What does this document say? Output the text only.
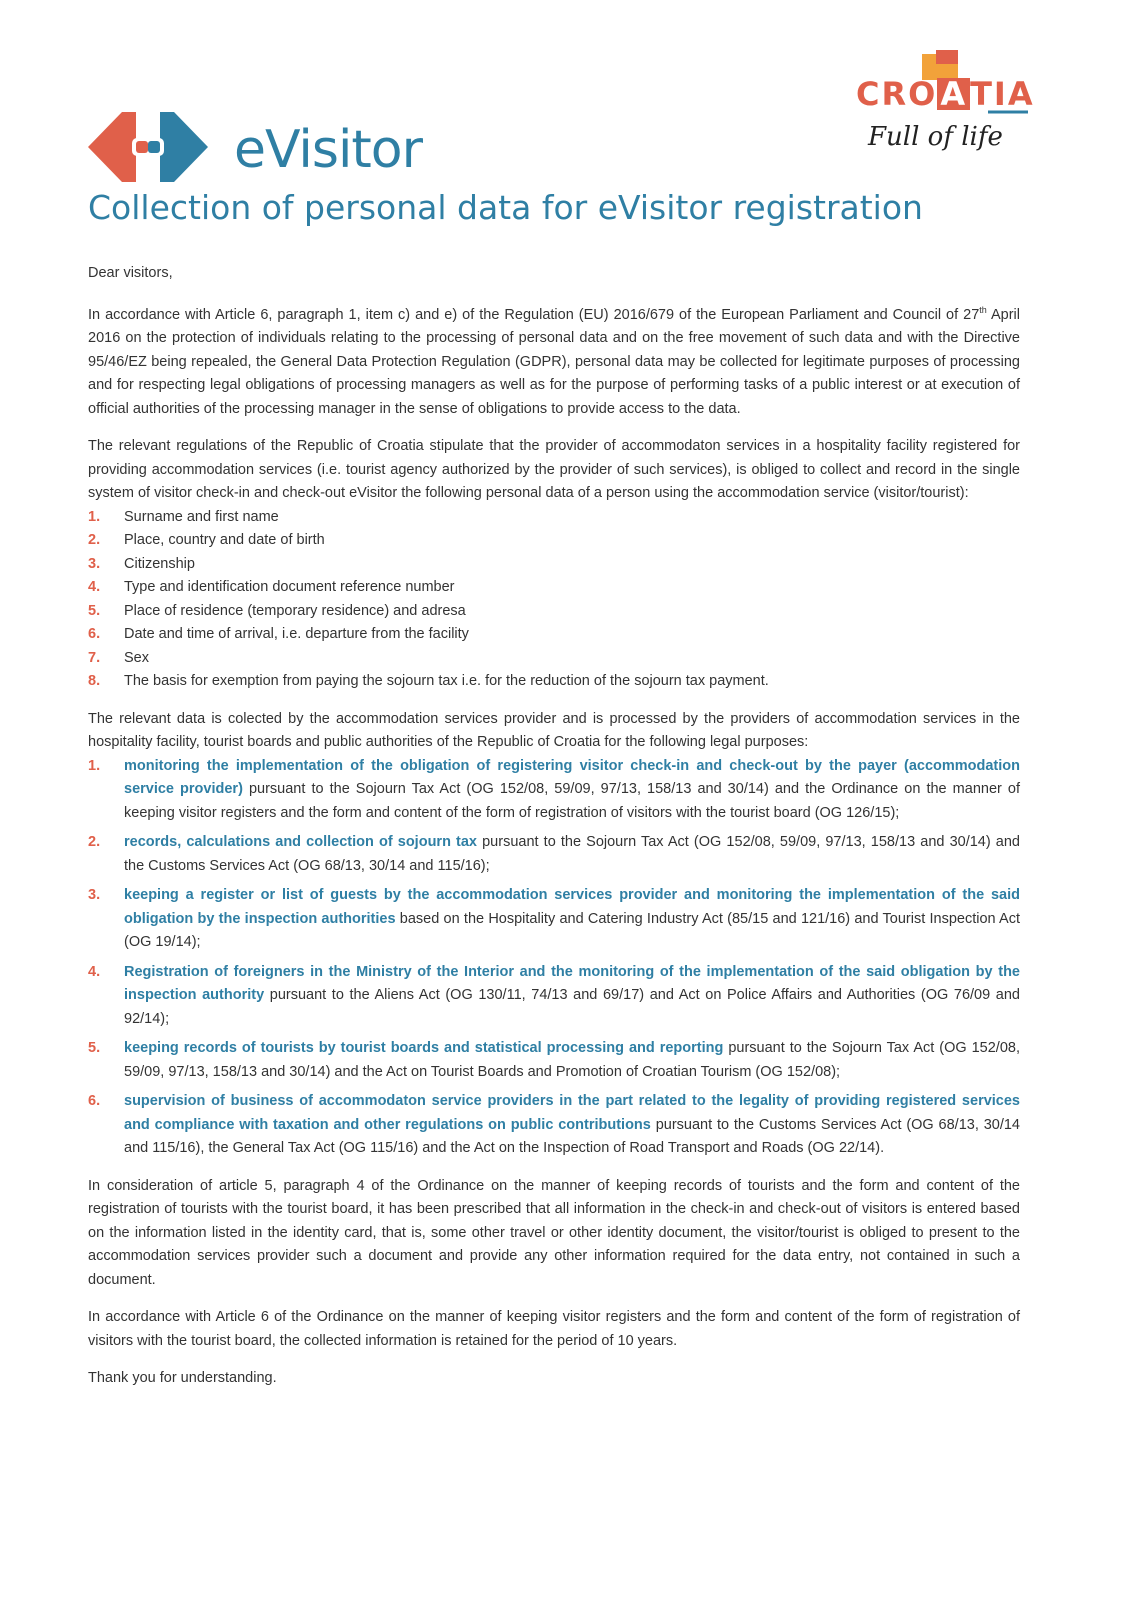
eVisitor
CROATIA
Full of life
Collection of personal data for eVisitor registration

Dear visitors,

In accordance with Article 6, paragraph 1, item c) and e) of the Regulation (EU) 2016/679 of the European Parliament and Council of 27th April 2016 on the protection of individuals relating to the processing of personal data and on the free movement of such data and with the Directive 95/46/EZ being repealed, the General Data Protection Regulation (GDPR), personal data may be collected for legitimate purposes of processing and for respecting legal obligations of processing managers as well as for the purpose of performing tasks of a public interest or at execution of official authorities of the processing manager in the sense of obligations to provide access to the data.

The relevant regulations of the Republic of Croatia stipulate that the provider of accommodaton services in a hospitality facility registered for providing accommodation services (i.e. tourist agency authorized by the provider of such services), is obliged to collect and record in the single system of visitor check-in and check-out eVisitor the following personal data of a person using the accommodation service (visitor/tourist):

1. Surname and first name
2. Place, country and date of birth
3. Citizenship
4. Type and identification document reference number
5. Place of residence (temporary residence) and adresa
6. Date and time of arrival, i.e. departure from the facility
7. Sex
8. The basis for exemption from paying the sojourn tax i.e. for the reduction of the sojourn tax payment.

The relevant data is colected by the accommodation services provider and is processed by the providers of accommodation services in the hospitality facility, tourist boards and public authorities of the Republic of Croatia for the following legal purposes:

1. monitoring the implementation of the obligation of registering visitor check-in and check-out by the payer (accommodation service provider) pursuant to the Sojourn Tax Act (OG 152/08, 59/09, 97/13, 158/13 and 30/14) and the Ordinance on the manner of keeping visitor registers and the form and content of the form of registration of visitors with the tourist board (OG 126/15);
2. records, calculations and collection of sojourn tax pursuant to the Sojourn Tax Act (OG 152/08, 59/09, 97/13, 158/13 and 30/14) and the Customs Services Act (OG 68/13, 30/14 and 115/16);
3. keeping a register or list of guests by the accommodation services provider and monitoring the implementation of the said obligation by the inspection authorities based on the Hospitality and Catering Industry Act (85/15 and 121/16) and Tourist Inspection Act (OG 19/14);
4. Registration of foreigners in the Ministry of the Interior and the monitoring of the implementation of the said obligation by the inspection authority pursuant to the Aliens Act (OG 130/11, 74/13 and 69/17) and Act on Police Affairs and Authorities (OG 76/09 and 92/14);
5. keeping records of tourists by tourist boards and statistical processing and reporting pursuant to the Sojourn Tax Act (OG 152/08, 59/09, 97/13, 158/13 and 30/14) and the Act on Tourist Boards and Promotion of Croatian Tourism (OG 152/08);
6. supervision of business of accommodaton service providers in the part related to the legality of providing registered services and compliance with taxation and other regulations on public contributions pursuant to the Customs Services Act (OG 68/13, 30/14 and 115/16), the General Tax Act (OG 115/16) and the Act on the Inspection of Road Transport and Roads (OG 22/14).

In consideration of article 5, paragraph 4 of the Ordinance on the manner of keeping records of tourists and the form and content of the registration of tourists with the tourist board, it has been prescribed that all information in the check-in and check-out of visitors is entered based on the information listed in the identity card, that is, some other travel or other identity document, the visitor/tourist is obliged to present to the accommodation services provider such a document and provide any other information required for the data entry, not contained in such a document.

In accordance with Article 6 of the Ordinance on the manner of keeping visitor registers and the form and content of the form of registration of visitors with the tourist board, the collected information is retained for the period of 10 years.

Thank you for understanding.
